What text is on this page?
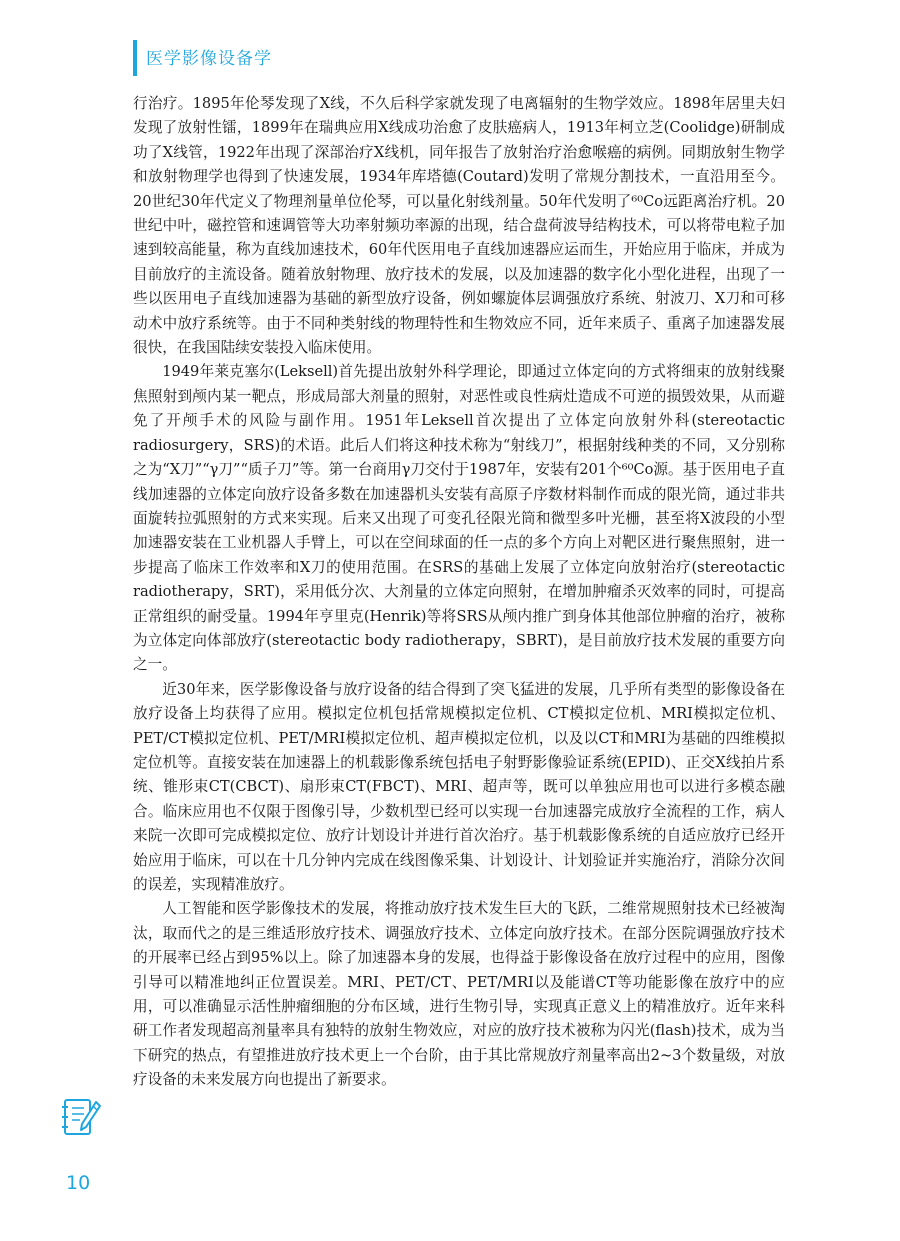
医学影像设备学

行治疗。1895年伦琴发现了X线，不久后科学家就发现了电离辐射的生物学效应。1898年居里夫妇发现了放射性镭，1899年在瑞典应用X线成功治愈了皮肤癌病人，1913年柯立芝(Coolidge)研制成功了X线管，1922年出现了深部治疗X线机，同年报告了放射治疗治愈喉癌的病例。同期放射生物学和放射物理学也得到了快速发展，1934年库塔德(Coutard)发明了常规分割技术，一直沿用至今。20世纪30年代定义了物理剂量单位伦琴，可以量化射线剂量。50年代发明了⁶⁰Co远距离治疗机。20世纪中叶，磁控管和速调管等大功率射频功率源的出现，结合盘荷波导结构技术，可以将带电粒子加速到较高能量，称为直线加速技术，60年代医用电子直线加速器应运而生，开始应用于临床，并成为目前放疗的主流设备。随着放射物理、放疗技术的发展，以及加速器的数字化小型化进程，出现了一些以医用电子直线加速器为基础的新型放疗设备，例如螺旋体层调强放疗系统、射波刀、X刀和可移动术中放疗系统等。由于不同种类射线的物理特性和生物效应不同，近年来质子、重离子加速器发展很快，在我国陆续安装投入临床使用。

1949年莱克塞尔(Leksell)首先提出放射外科学理论，即通过立体定向的方式将细束的放射线聚焦照射到颅内某一靶点，形成局部大剂量的照射，对恶性或良性病灶造成不可逆的损毁效果，从而避免了开颅手术的风险与副作用。1951年Leksell首次提出了立体定向放射外科(stereotactic radiosurgery，SRS)的术语。此后人们将这种技术称为“射线刀”，根据射线种类的不同，又分别称之为“X刀”“γ刀”“质子刀”等。第一台商用γ刀交付于1987年，安装有201个⁶⁰Co源。基于医用电子直线加速器的立体定向放疗设备多数在加速器机头安装有高原子序数材料制作而成的限光筒，通过非共面旋转拉弧照射的方式来实现。后来又出现了可变孔径限光筒和微型多叶光栅，甚至将X波段的小型加速器安装在工业机器人手臂上，可以在空间球面的任一点的多个方向上对靶区进行聚焦照射，进一步提高了临床工作效率和X刀的使用范围。在SRS的基础上发展了立体定向放射治疗(stereotactic radiotherapy，SRT)，采用低分次、大剂量的立体定向照射，在增加肿瘤杀灭效率的同时，可提高正常组织的耐受量。1994年亨里克(Henrik)等将SRS从颅内推广到身体其他部位肿瘤的治疗，被称为立体定向体部放疗(stereotactic body radiotherapy，SBRT)，是目前放疗技术发展的重要方向之一。

近30年来，医学影像设备与放疗设备的结合得到了突飞猛进的发展，几乎所有类型的影像设备在放疗设备上均获得了应用。模拟定位机包括常规模拟定位机、CT模拟定位机、MRI模拟定位机、PET/CT模拟定位机、PET/MRI模拟定位机、超声模拟定位机，以及以CT和MRI为基础的四维模拟定位机等。直接安装在加速器上的机载影像系统包括电子射野影像验证系统(EPID)、正交X线拍片系统、锥形束CT(CBCT)、扇形束CT(FBCT)、MRI、超声等，既可以单独应用也可以进行多模态融合。临床应用也不仅限于图像引导，少数机型已经可以实现一台加速器完成放疗全流程的工作，病人来院一次即可完成模拟定位、放疗计划设计并进行首次治疗。基于机载影像系统的自适应放疗已经开始应用于临床，可以在十几分钟内完成在线图像采集、计划设计、计划验证并实施治疗，消除分次间的误差，实现精准放疗。

人工智能和医学影像技术的发展，将推动放疗技术发生巨大的飞跃，二维常规照射技术已经被淘汰，取而代之的是三维适形放疗技术、调强放疗技术、立体定向放疗技术。在部分医院调强放疗技术的开展率已经占到95%以上。除了加速器本身的发展，也得益于影像设备在放疗过程中的应用，图像引导可以精准地纠正位置误差。MRI、PET/CT、PET/MRI以及能谱CT等功能影像在放疗中的应用，可以准确显示活性肿瘤细胞的分布区域，进行生物引导，实现真正意义上的精准放疗。近年来科研工作者发现超高剂量率具有独特的放射生物效应，对应的放疗技术被称为闪光(flash)技术，成为当下研究的热点，有望推进放疗技术更上一个台阶，由于其比常规放疗剂量率高出2~3个数量级，对放疗设备的未来发展方向也提出了新要求。

10
